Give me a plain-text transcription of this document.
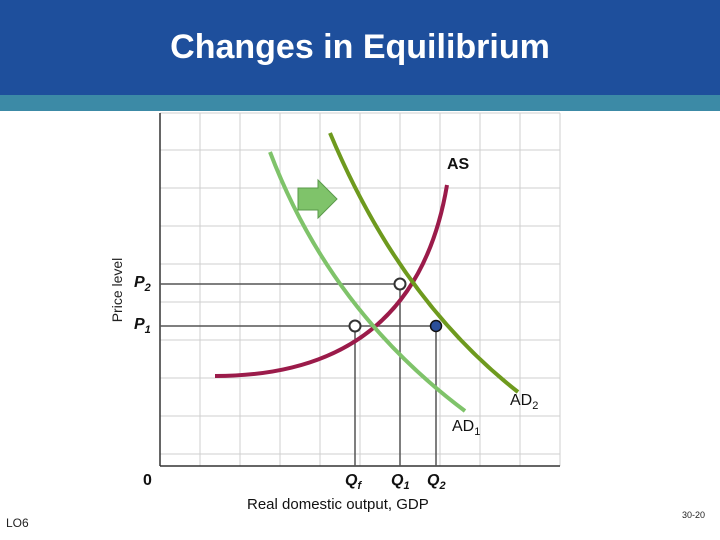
Changes in Equilibrium
Price level
AS
$AD_2$
$AD_1$
$P_2$
$P_1$
0	$Q_f$ $Q_1$ $Q_2$
Real domestic output, GDP
LO6
30-20
